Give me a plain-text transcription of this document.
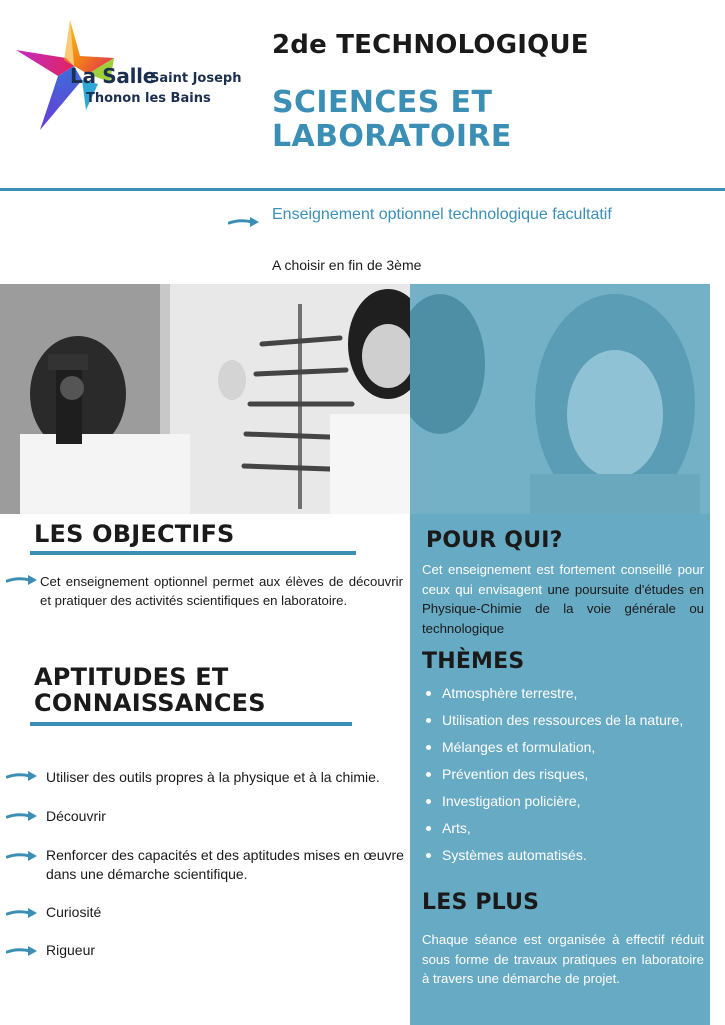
La Salle
Saint Joseph
Thonon les Bains
2de TECHNOLOGIQUE
SCIENCES ET
LABORATOIRE
Enseignement optionnel technologique facultatif
A choisir en fin de 3ème
LES OBJECTIFS
Cet enseignement optionnel permet aux élèves de découvrir et pratiquer des activités scientifiques en laboratoire.
APTITUDES ET CONNAISSANCES
Utiliser des outils propres à la physique et à la chimie.
Découvrir
Renforcer des capacités et des aptitudes mises en œuvre dans une démarche scientifique.
Curiosité
Rigueur
POUR QUI?
Cet enseignement est fortement conseillé pour ceux qui envisagent une poursuite d'études en Physique-Chimie de la voie générale ou technologique
THÈMES
Atmosphère terrestre,
Utilisation des ressources de la nature,
Mélanges et formulation,
Prévention des risques,
Investigation policière,
Arts,
Systèmes automatisés.
LES PLUS
Chaque séance est organisée à effectif réduit sous forme de travaux pratiques en laboratoire à travers une démarche de projet.
